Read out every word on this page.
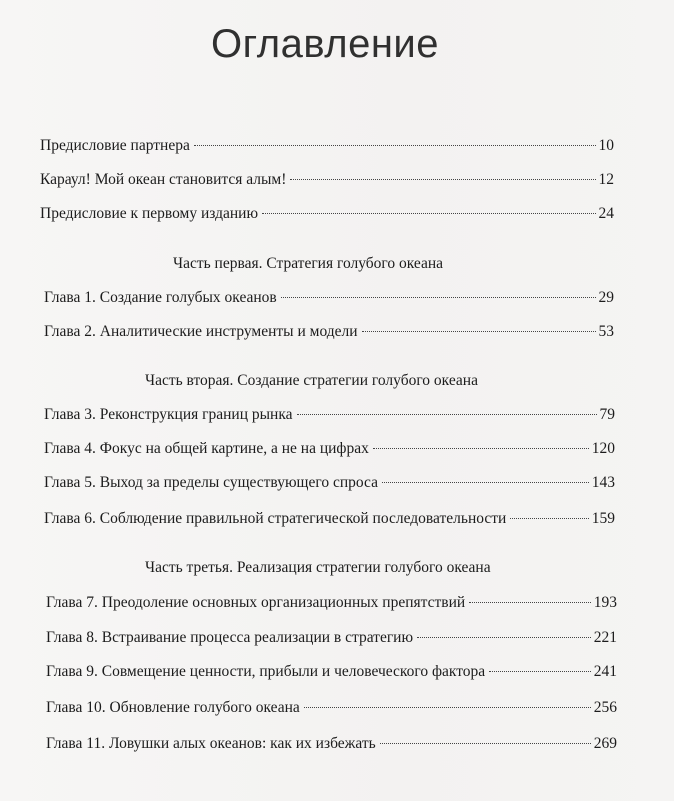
Оглавление
Предисловие партнера	10
Караул! Мой океан становится алым!	12
Предисловие к первому изданию	24
Часть первая. Стратегия голубого океана
Глава 1. Создание голубых океанов	29
Глава 2. Аналитические инструменты и модели	53
Часть вторая. Создание стратегии голубого океана
Глава 3. Реконструкция границ рынка	79
Глава 4. Фокус на общей картине, а не на цифрах	120
Глава 5. Выход за пределы существующего спроса	143
Глава 6. Соблюдение правильной стратегической последовательности	159
Часть третья. Реализация стратегии голубого океана
Глава 7. Преодоление основных организационных препятствий	193
Глава 8. Встраивание процесса реализации в стратегию	221
Глава 9. Совмещение ценности, прибыли и человеческого фактора	241
Глава 10. Обновление голубого океана	256
Глава 11. Ловушки алых океанов: как их избежать	269
